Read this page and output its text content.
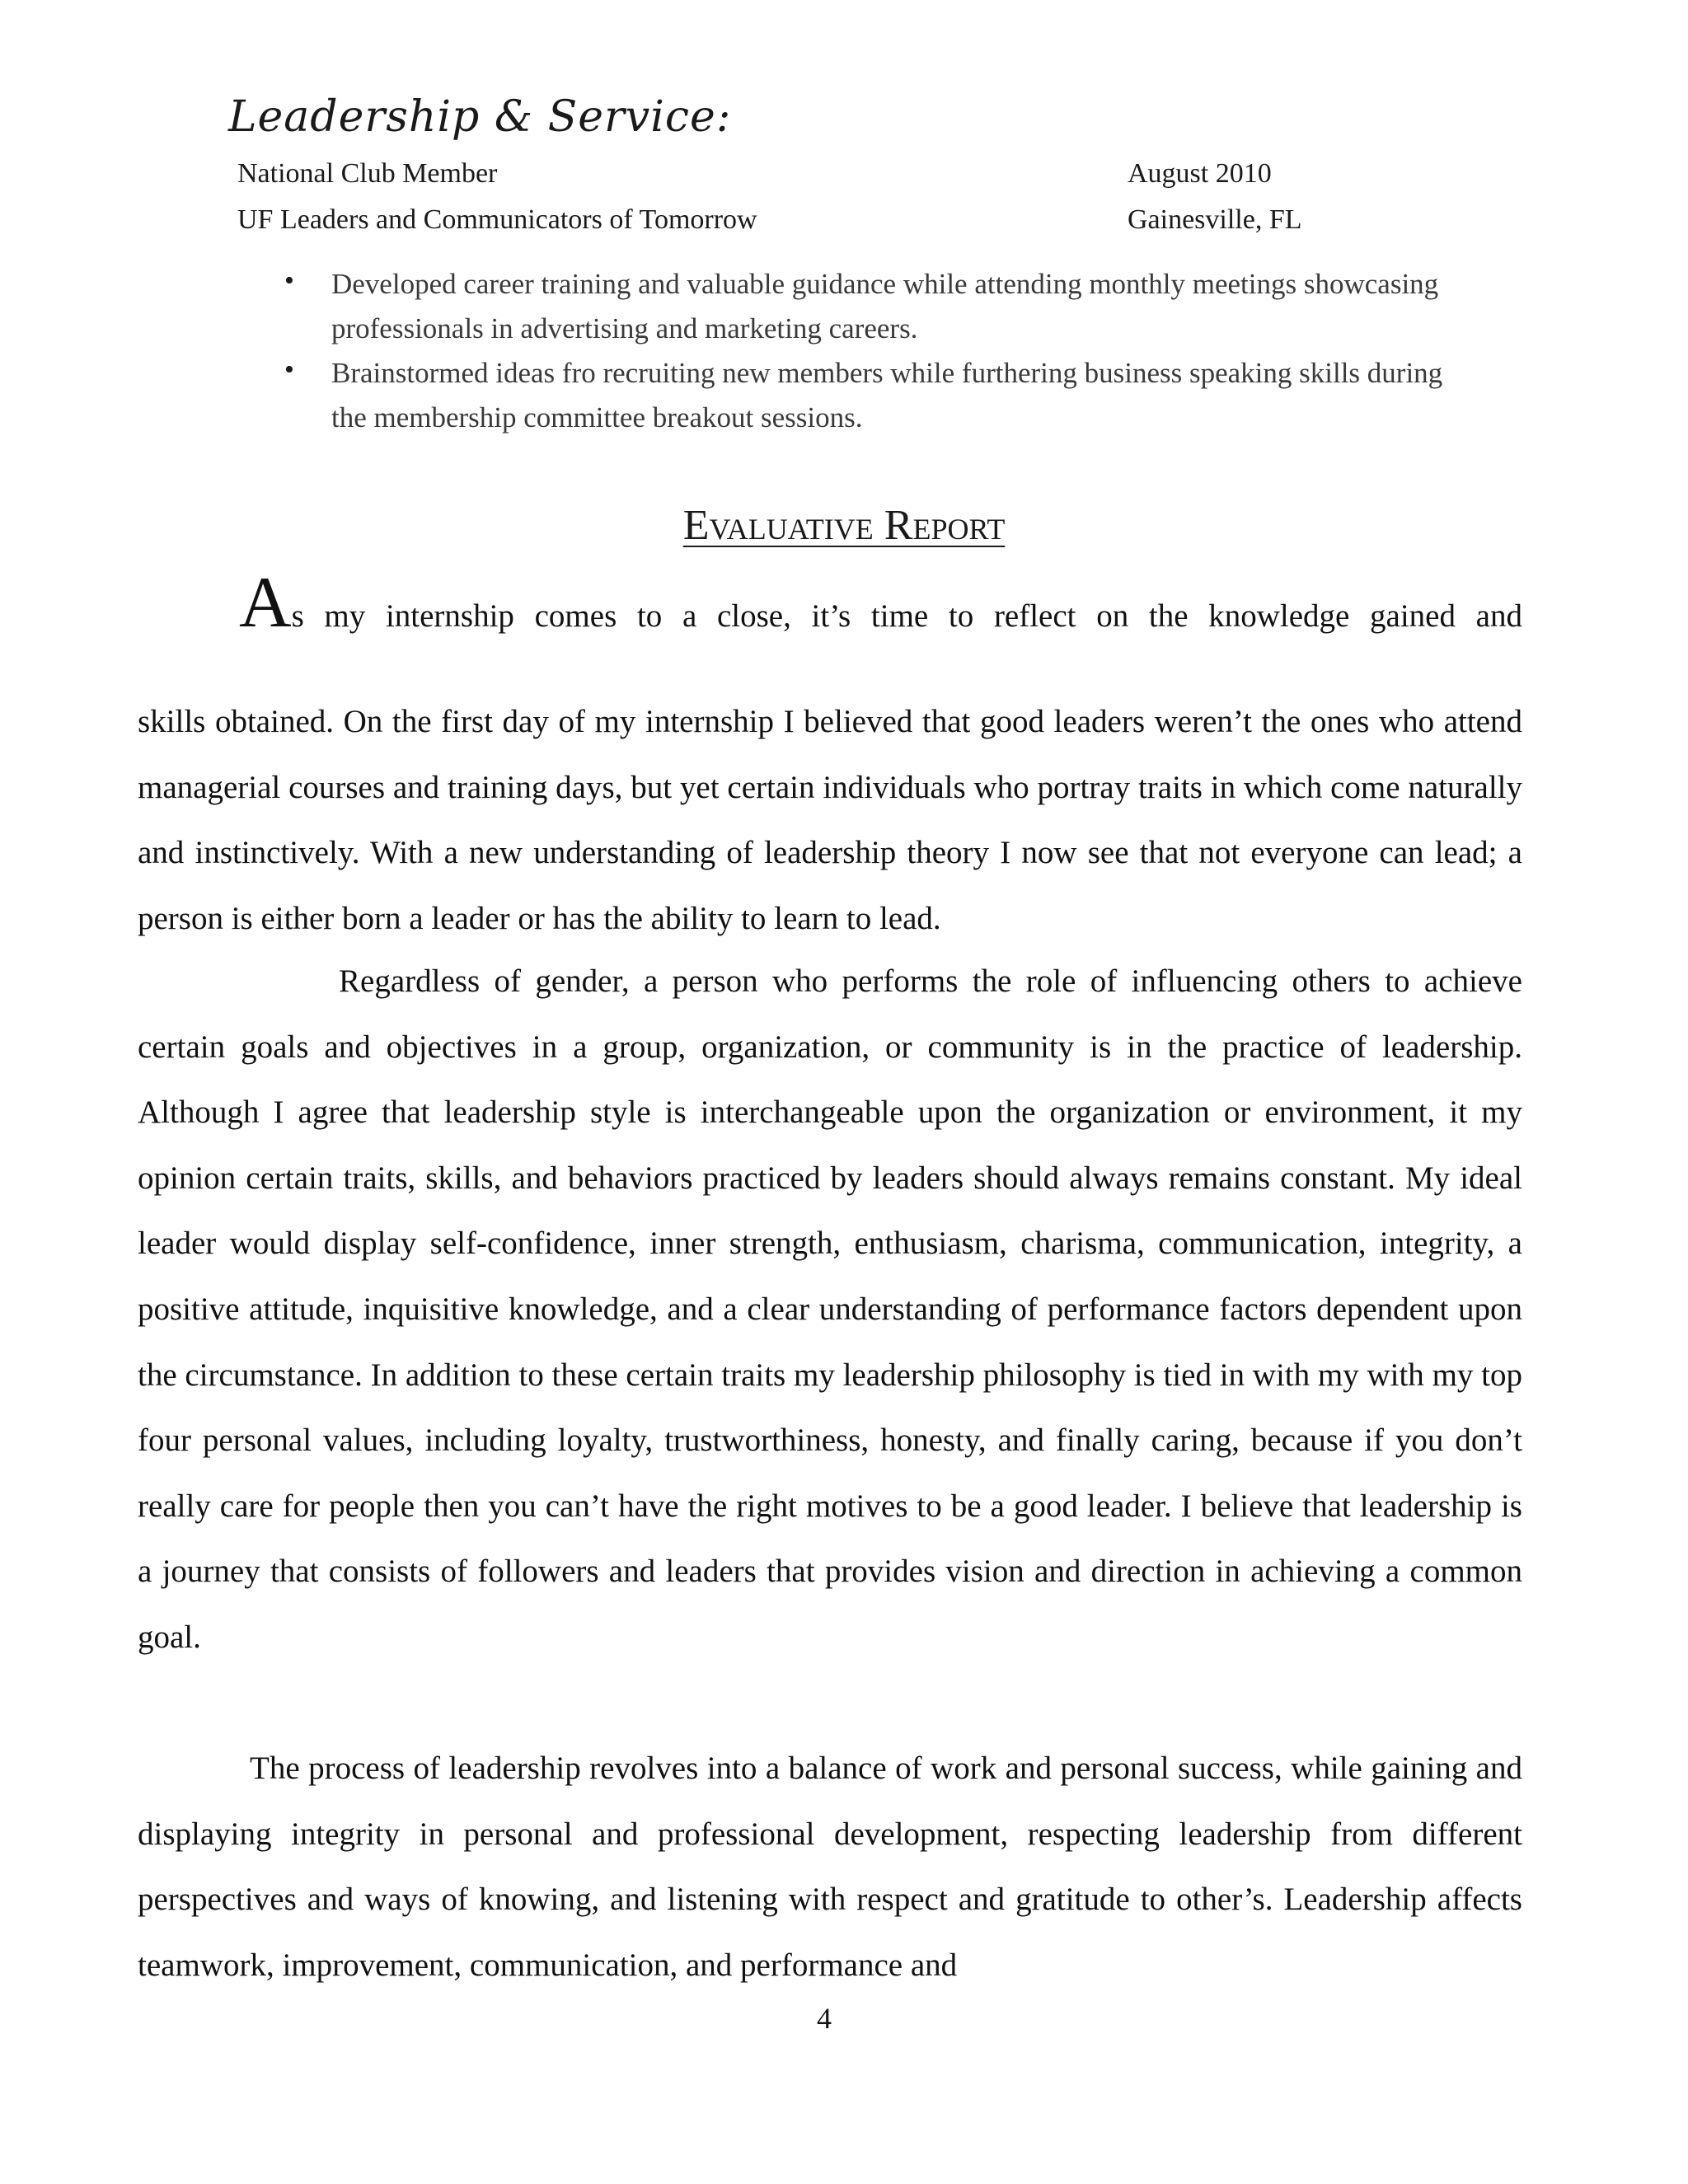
Leadership & Service:
National Club Member	August 2010
UF Leaders and Communicators of Tomorrow	Gainesville, FL
• Developed career training and valuable guidance while attending monthly meetings showcasing professionals in advertising and marketing careers.
• Brainstormed ideas fro recruiting new members while furthering business speaking skills during the membership committee breakout sessions.
Evaluative Report
As my internship comes to a close, it’s time to reflect on the knowledge gained and
skills obtained. On the first day of my internship I believed that good leaders weren’t the ones who attend managerial courses and training days, but yet certain individuals who portray traits in which come naturally and instinctively. With a new understanding of leadership theory I now see that not everyone can lead; a person is either born a leader or has the ability to learn to lead.
Regardless of gender, a person who performs the role of influencing others to achieve certain goals and objectives in a group, organization, or community is in the practice of leadership. Although I agree that leadership style is interchangeable upon the organization or environment, it my opinion certain traits, skills, and behaviors practiced by leaders should always remains constant. My ideal leader would display self-confidence, inner strength, enthusiasm, charisma, communication, integrity, a positive attitude, inquisitive knowledge, and a clear understanding of performance factors dependent upon the circumstance. In addition to these certain traits my leadership philosophy is tied in with my with my top four personal values, including loyalty, trustworthiness, honesty, and finally caring, because if you don’t really care for people then you can’t have the right motives to be a good leader. I believe that leadership is a journey that consists of followers and leaders that provides vision and direction in achieving a common goal.
The process of leadership revolves into a balance of work and personal success, while gaining and displaying integrity in personal and professional development, respecting leadership from different perspectives and ways of knowing, and listening with respect and gratitude to other’s. Leadership affects teamwork, improvement, communication, and performance and
4
